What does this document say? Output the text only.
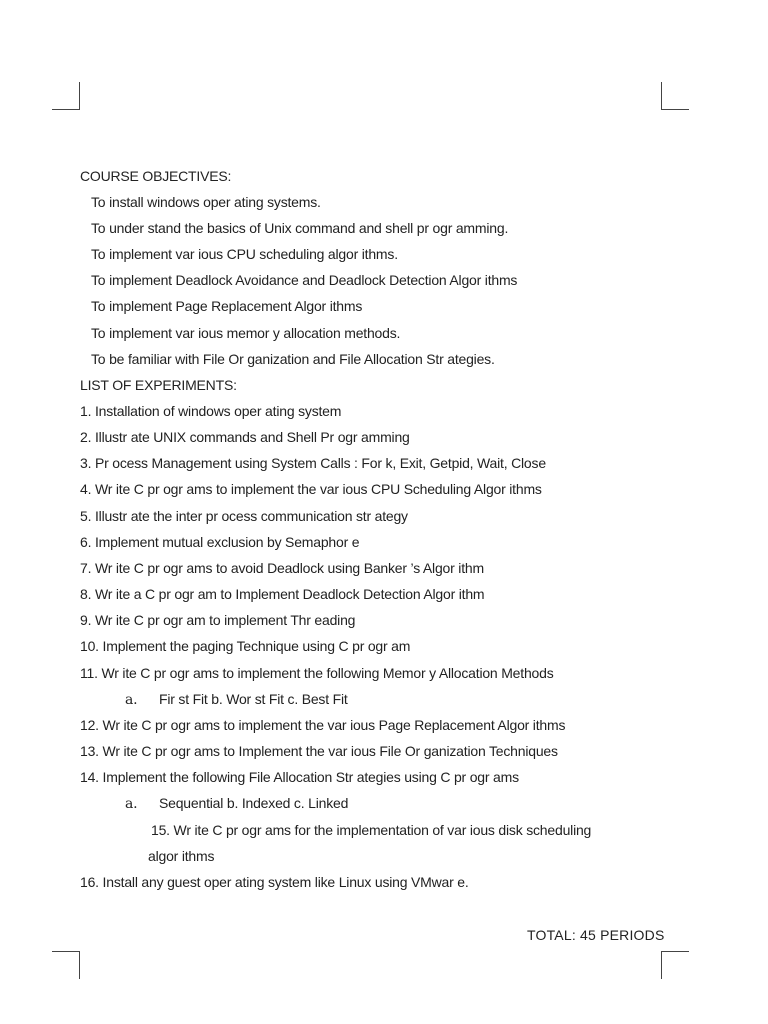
COURSE OBJECTIVES:
To install windows oper ating systems.
To under stand the basics of Unix command and shell pr ogr amming.
To implement var ious CPU scheduling algor ithms.
To implement Deadlock Avoidance and Deadlock Detection Algor ithms
To implement Page Replacement Algor ithms
To implement var ious memor y allocation methods.
To be familiar with File Or ganization and File Allocation Str ategies.
LIST OF EXPERIMENTS:
1. Installation of windows oper ating system
2. Illustr ate UNIX commands and Shell Pr ogr amming
3. Pr ocess Management using System Calls : For k, Exit, Getpid, Wait, Close
4. Wr ite C pr ogr ams to implement the var ious CPU Scheduling Algor ithms
5. Illustr ate the inter pr ocess communication str ategy
6. Implement mutual exclusion by Semaphor e
7. Wr ite C pr ogr ams to avoid Deadlock using Banker ’s Algor ithm
8. Wr ite a C pr ogr am to Implement Deadlock Detection Algor ithm
9. Wr ite C pr ogr am to implement Thr eading
10. Implement the paging Technique using C pr ogr am
11. Wr ite C pr ogr ams to implement the following Memor y Allocation Methods
a. Fir st Fit b. Wor st Fit c. Best Fit
12. Wr ite C pr ogr ams to implement the var ious Page Replacement Algor ithms
13. Wr ite C pr ogr ams to Implement the var ious File Or ganization Techniques
14. Implement the following File Allocation Str ategies using C pr ogr ams
a. Sequential b. Indexed c. Linked
15. Wr ite C pr ogr ams for the implementation of var ious disk scheduling
algor ithms
16. Install any guest oper ating system like Linux using VMwar e.
TOTAL: 45 PERIODS
